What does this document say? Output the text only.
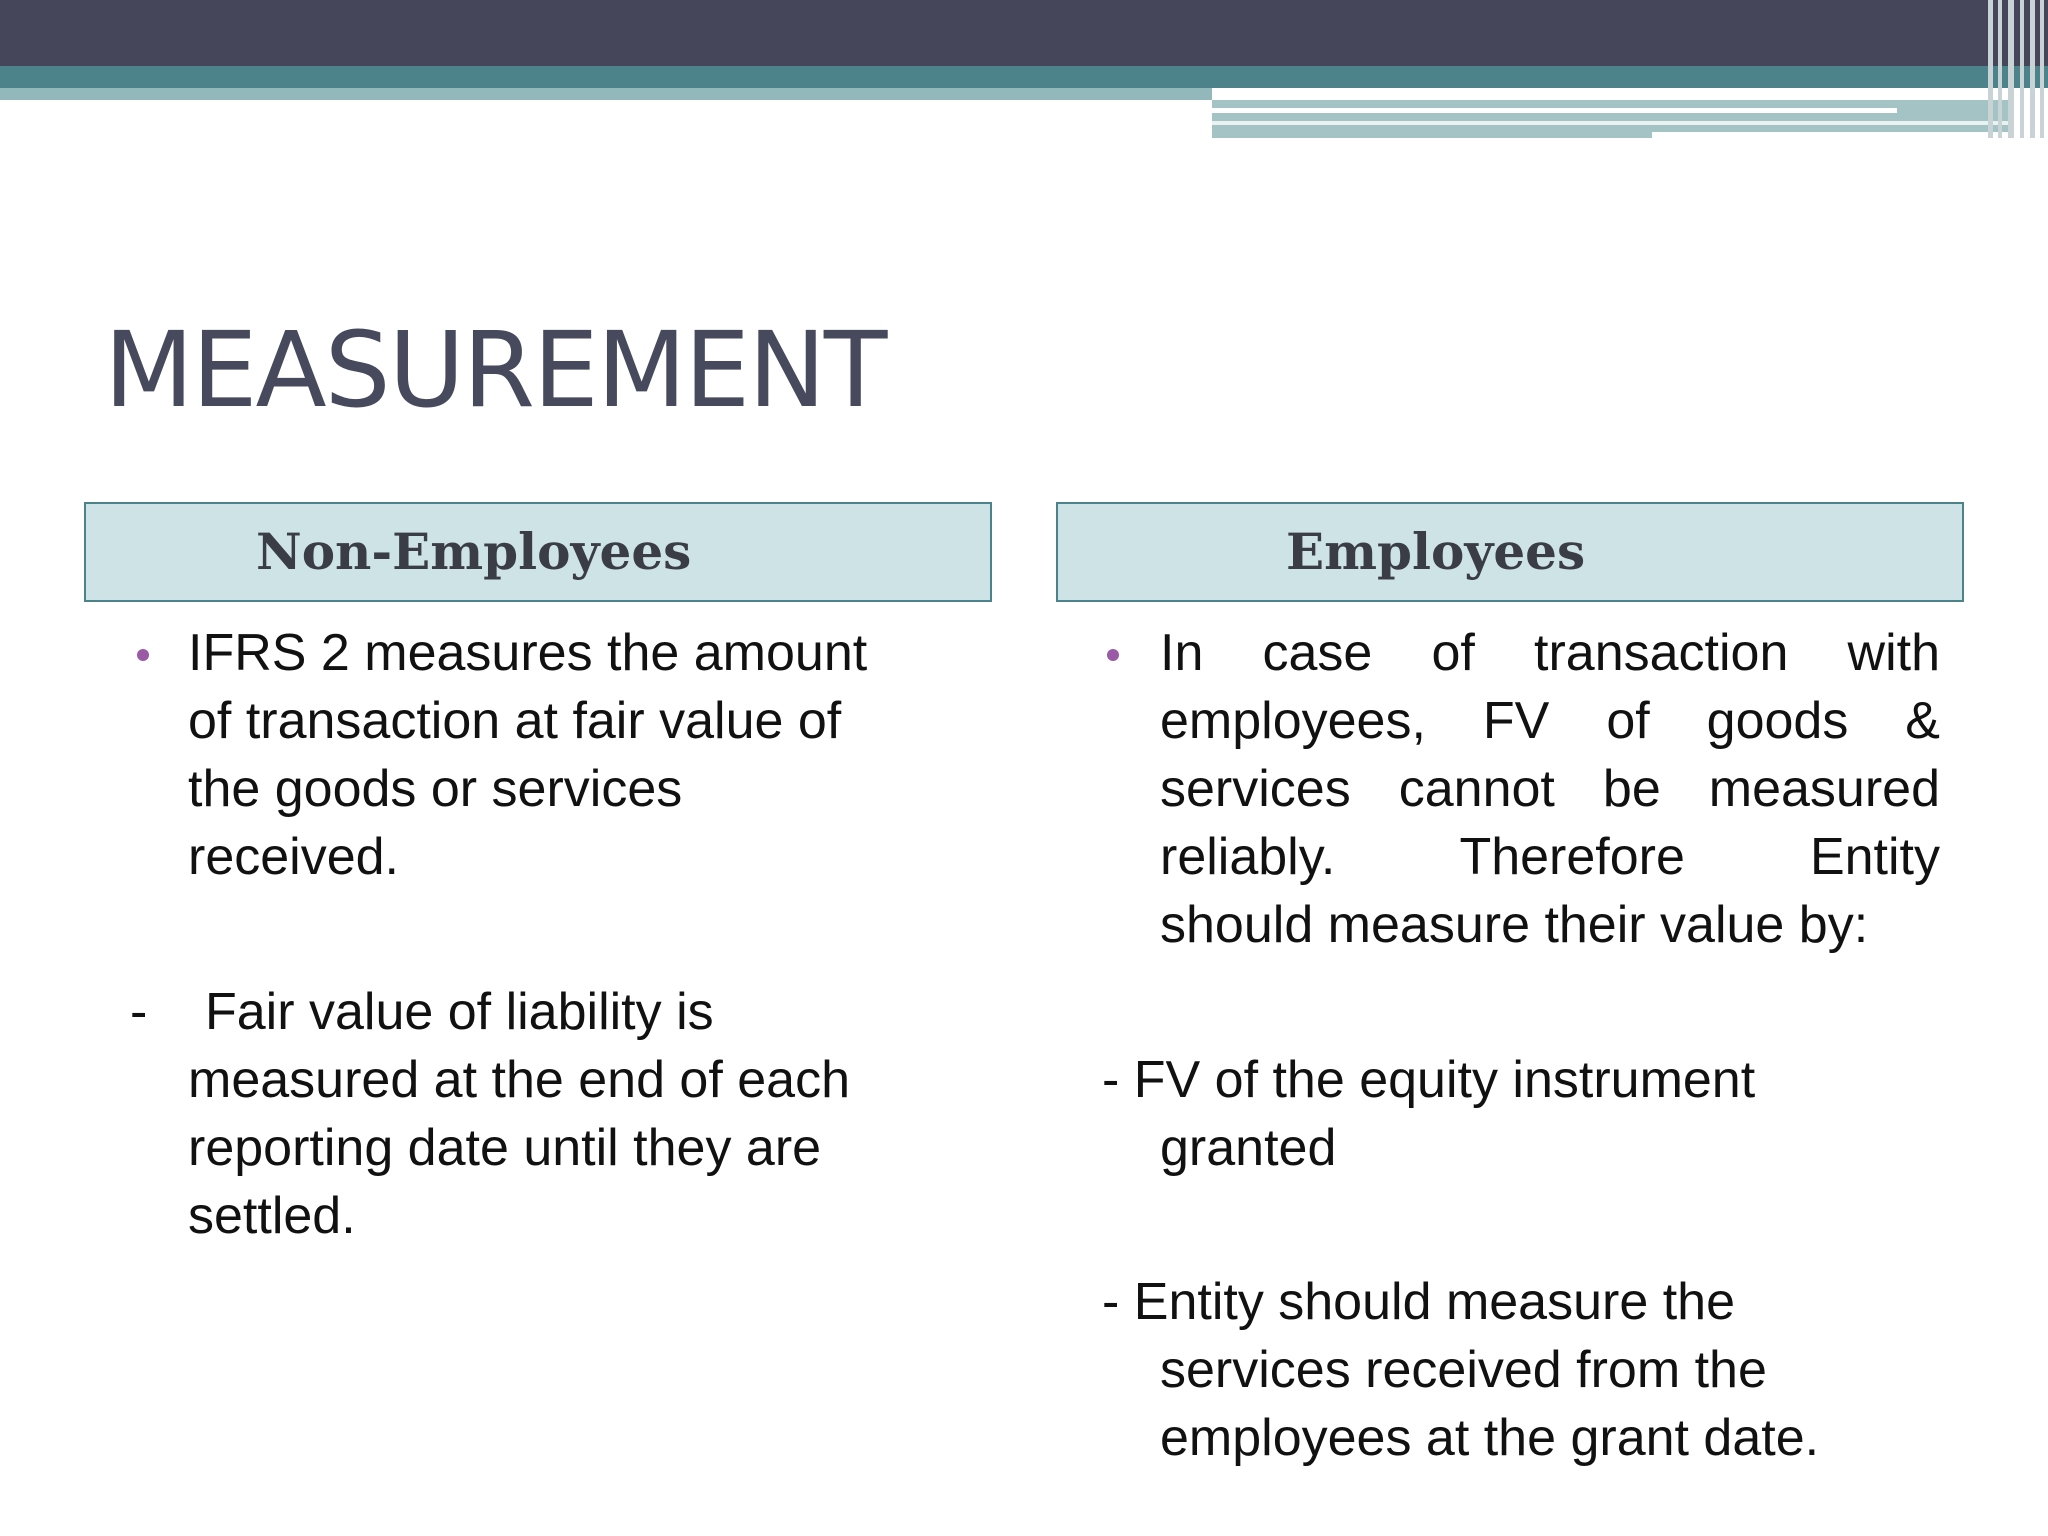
MEASUREMENT
Non-Employees	Employees

IFRS 2 measures the amount
of transaction at fair value of
the goods or services
received.

- Fair value of liability is

measured at the end of each
reporting date until they are
settled.

In case of transaction with
employees, FV of goods &
services cannot be measured
reliably. Therefore Entity
should measure their value by:

- FV of the equity instrument

granted

- Entity should measure the

services received from the
employees at the grant date.
